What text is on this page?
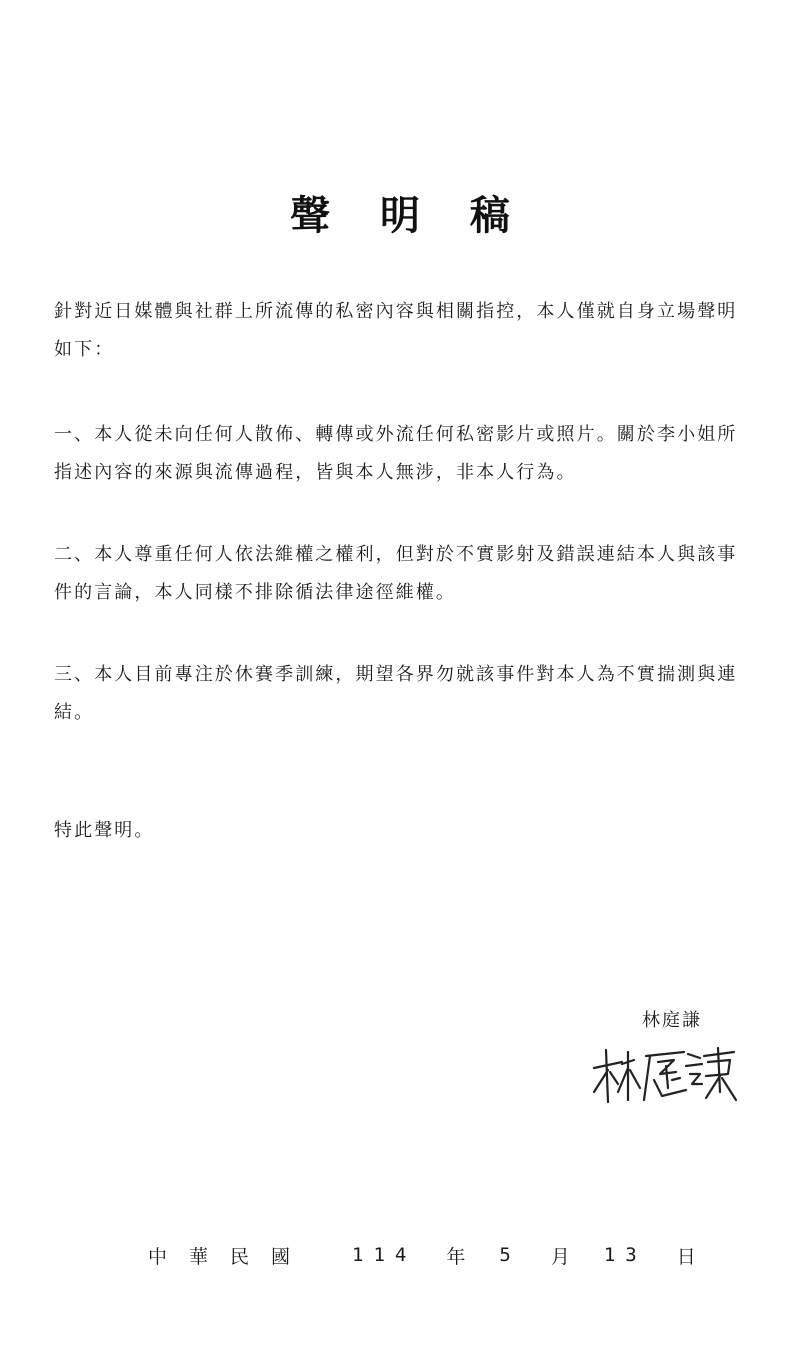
聲 明 稿

針對近日媒體與社群上所流傳的私密內容與相關指控，本人僅就自身立場聲明如下：

一、本人從未向任何人散佈、轉傳或外流任何私密影片或照片。關於李小姐所指述內容的來源與流傳過程，皆與本人無涉，非本人行為。

二、本人尊重任何人依法維權之權利，但對於不實影射及錯誤連結本人與該事件的言論，本人同樣不排除循法律途徑維權。

三、本人目前專注於休賽季訓練，期望各界勿就該事件對本人為不實揣測與連結。

特此聲明。

林庭謙
中華民國 114 年 5 月 13 日
